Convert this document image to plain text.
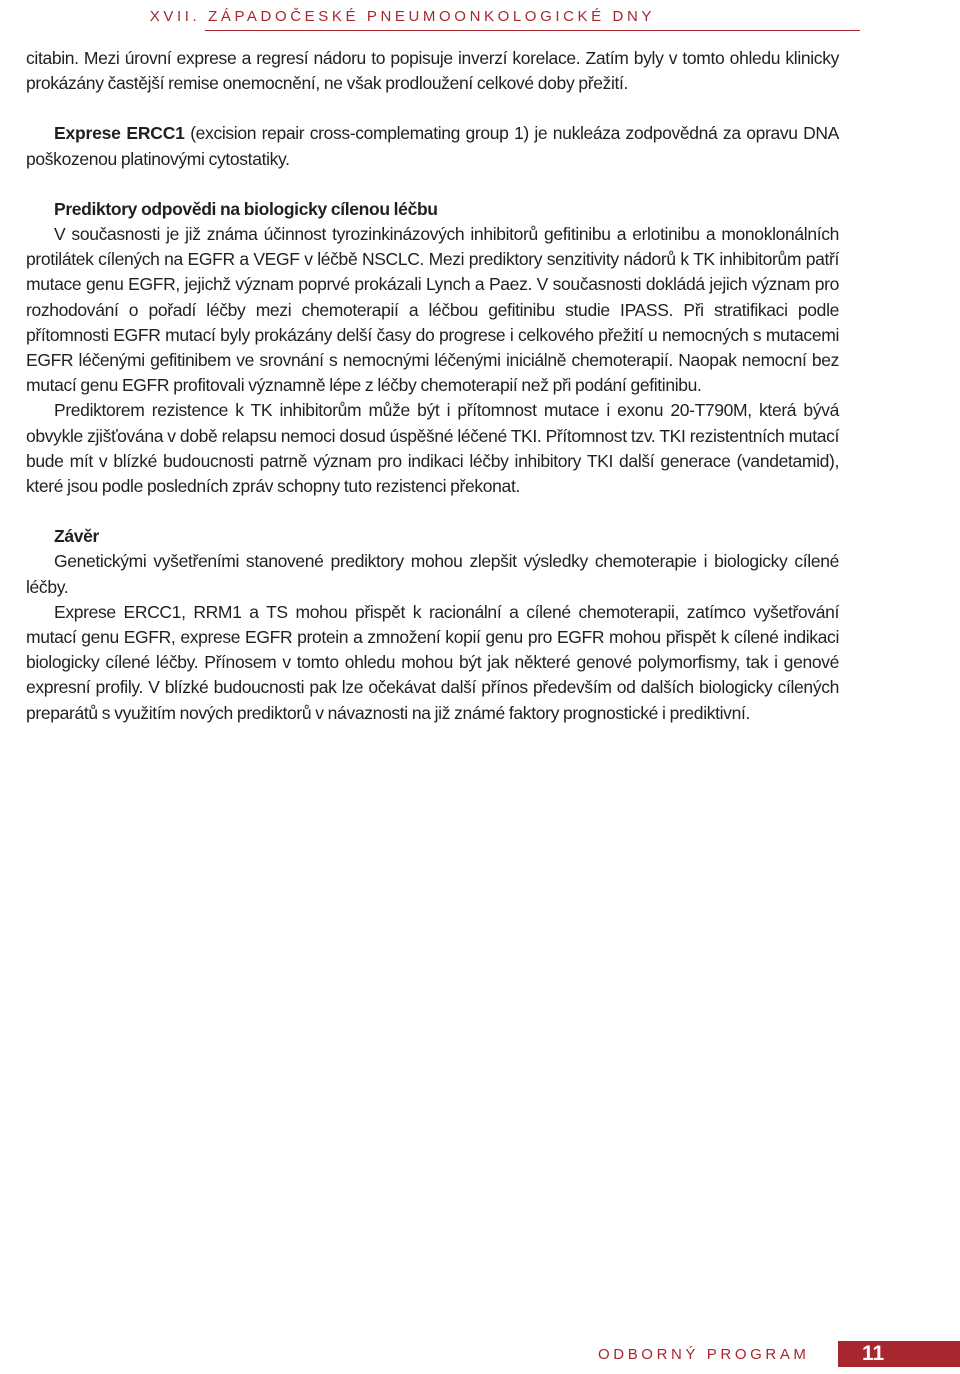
XVII. ZÁPADOČESKÉ PNEUMOONKOLOGICKÉ DNY

citabin. Mezi úrovní exprese a regresí nádoru to popisuje inverzí korelace. Zatím byly v tomto ohledu klinicky prokázány častější remise onemocnění, ne však prodloužení celkové doby přežití.

Exprese ERCC1 (excision repair cross-complemating group 1) je nukleáza zodpovědná za opravu DNA poškozenou platinovými cytostatiky.

Prediktory odpovědi na biologicky cílenou léčbu

V současnosti je již známa účinnost tyrozinkinázových inhibitorů gefitinibu a erlotinibu a monoklonálních protilátek cílených na EGFR a VEGF v léčbě NSCLC. Mezi prediktory senzitivity nádorů k TK inhibitorům patří mutace genu EGFR, jejichž význam poprvé prokázali Lynch a Paez. V současnosti dokládá jejich význam pro rozhodování o pořadí léčby mezi chemoterapií a léčbou gefitinibu studie IPASS. Při stratifikaci podle přítomnosti EGFR mutací byly prokázány delší časy do progrese i celkového přežití u nemocných s mutacemi EGFR léčenými gefitinibem ve srovnání s nemocnými léčenými iniciálně chemoterapií. Naopak nemocní bez mutací genu EGFR profitovali významně lépe z léčby chemoterapií než při podání gefitinibu.

Prediktorem rezistence k TK inhibitorům může být i přítomnost mutace i exonu 20-T790M, která bývá obvykle zjišťována v době relapsu nemoci dosud úspěšné léčené TKI. Přítomnost tzv. TKI rezistentních mutací bude mít v blízké budoucnosti patrně význam pro indikaci léčby inhibitory TKI další generace (vandetamid), které jsou podle posledních zpráv schopny tuto rezistenci překonat.

Závěr

Genetickými vyšetřeními stanovené prediktory mohou zlepšit výsledky chemoterapie i biologicky cílené léčby.

Exprese ERCC1, RRM1 a TS mohou přispět k racionální a cílené chemoterapii, zatímco vyšetřování mutací genu EGFR, exprese EGFR protein a zmnožení kopií genu pro EGFR mohou přispět k cílené indikaci biologicky cílené léčby. Přínosem v tomto ohledu mohou být jak některé genové polymorfismy, tak i genové expresní profily. V blízké budoucnosti pak lze očekávat další přínos především od dalších biologicky cílených preparátů s využitím nových prediktorů v návaznosti na již známé faktory prognostické i prediktivní.

ODBORNÝ PROGRAM 11
